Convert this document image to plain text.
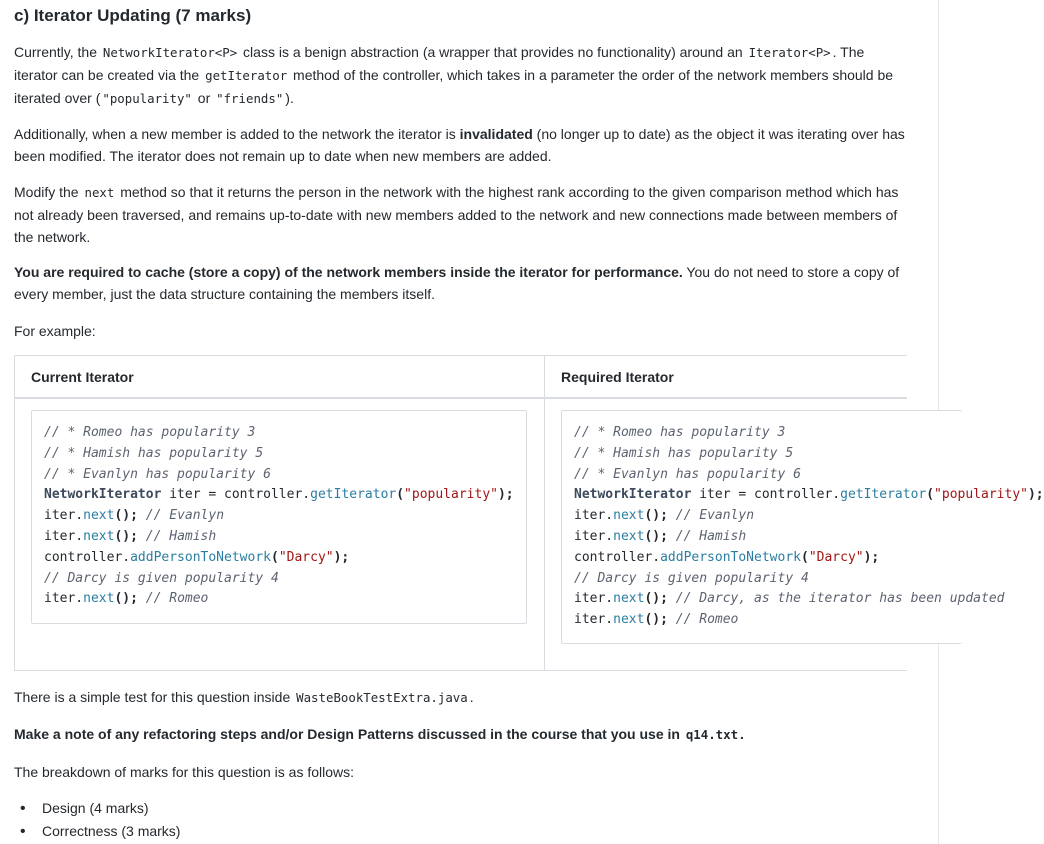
c) Iterator Updating (7 marks)

Currently, the NetworkIterator<P> class is a benign abstraction (a wrapper that provides no functionality) around an Iterator<P> . The iterator can be created via the getIterator method of the controller, which takes in a parameter the order of the network members should be iterated over ( "popularity" or "friends" ).

Additionally, when a new member is added to the network the iterator is invalidated (no longer up to date) as the object it was iterating over has been modified. The iterator does not remain up to date when new members are added.

Modify the next method so that it returns the person in the network with the highest rank according to the given comparison method which has not already been traversed, and remains up-to-date with new members added to the network and new connections made between members of the network.

You are required to cache (store a copy) of the network members inside the iterator for performance. You do not need to store a copy of every member, just the data structure containing the members itself.

For example:

Current Iterator
// * Romeo has popularity 3
// * Hamish has popularity 5
// * Evanlyn has popularity 6
NetworkIterator iter = controller.getIterator("popularity");
iter.next(); // Evanlyn
iter.next(); // Hamish
controller.addPersonToNetwork("Darcy");
// Darcy is given popularity 4
iter.next(); // Romeo
Required Iterator
// * Romeo has popularity 3
// * Hamish has popularity 5
// * Evanlyn has popularity 6
NetworkIterator iter = controller.getIterator("popularity");
iter.next(); // Evanlyn
iter.next(); // Hamish
controller.addPersonToNetwork("Darcy");
// Darcy is given popularity 4
iter.next(); // Darcy, as the iterator has been updated
iter.next(); // Romeo

There is a simple test for this question inside WasteBookTestExtra.java .

Make a note of any refactoring steps and/or Design Patterns discussed in the course that you use in q14.txt .

The breakdown of marks for this question is as follows:

• Design (4 marks)
• Correctness (3 marks)
